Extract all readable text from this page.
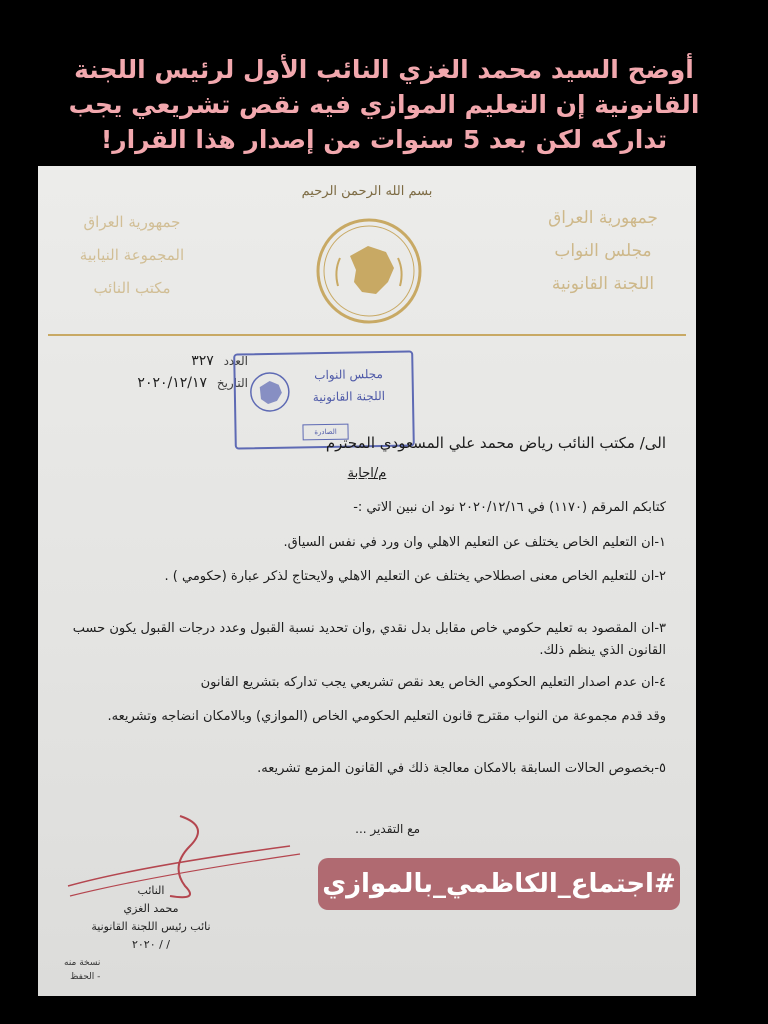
أوضح السيد محمد الغزي النائب الأول لرئيس اللجنة
القانونية إن التعليم الموازي فيه نقص تشريعي يجب
تداركه لكن بعد 5 سنوات من إصدار هذا القرار!
بسم الله الرحمن الرحيم
جمهورية العراق
مجلس النواب
اللجنة القانونية
جمهورية العراق
المجموعة النيابية
مكتب النائب
العدد ٣٢٧
التاريخ ٢٠٢٠/١٢/١٧
مجلس النواب
اللجنة القانونية
الصادرة
الى/ مكتب النائب رياض محمد علي المسعودي المحترم
م/اجابة
كتابكم المرقم (١١٧٠) في ٢٠٢٠/١٢/١٦ نود ان نبين الاتي :-
١-ان التعليم الخاص يختلف عن التعليم الاهلي وان ورد في نفس السياق.
٢-ان للتعليم الخاص معنى اصطلاحي يختلف عن التعليم الاهلي ولايحتاج لذكر عبارة (حكومي ) .
٣-ان المقصود به تعليم حكومي خاص مقابل بدل نقدي ,وان تحديد نسبة القبول وعدد درجات القبول يكون حسب القانون الذي ينظم ذلك.
٤-ان عدم اصدار التعليم الحكومي الخاص يعد نقص تشريعي يجب تداركه بتشريع القانون
وقد قدم مجموعة من النواب مقترح قانون التعليم الحكومي الخاص (الموازي) وبالامكان انضاجه وتشريعه.
٥-بخصوص الحالات السابقة بالامكان معالجة ذلك في القانون المزمع تشريعه.
مع التقدير ...
النائب
محمد الغزي
نائب رئيس اللجنة القانونية
/ / ٢٠٢٠
نسخة منه
- الحفظ
#اجتماع_الكاظمي_بالموازي
